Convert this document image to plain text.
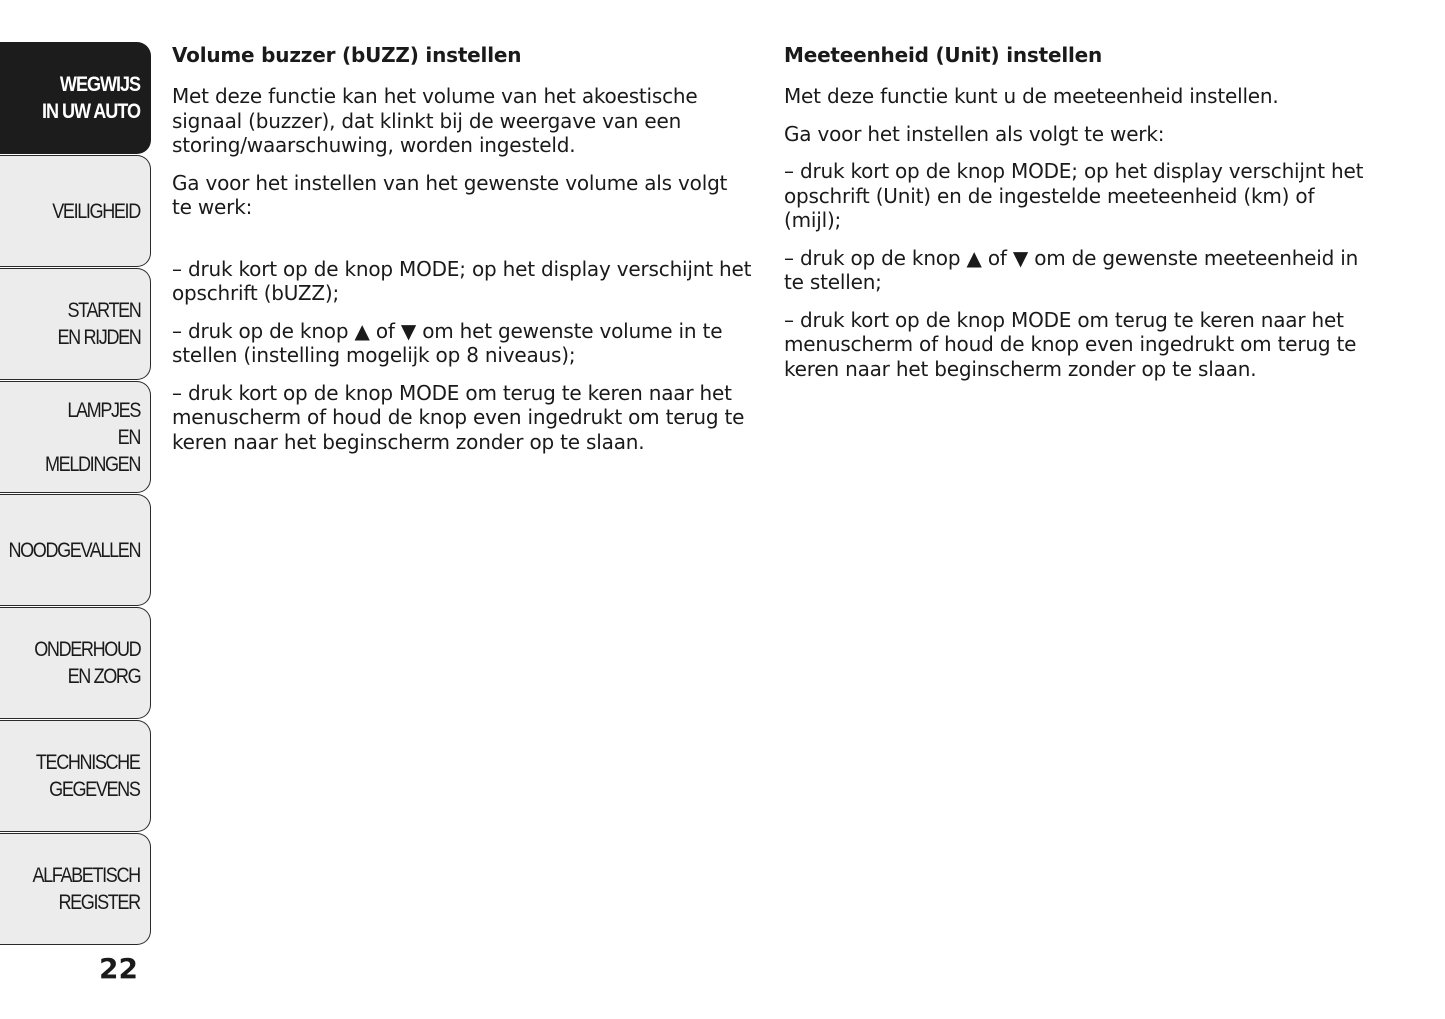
WEGWIJS
IN UW AUTO
VEILIGHEID
STARTEN
EN RIJDEN
LAMPJES
EN MELDINGEN
NOODGEVALLEN
ONDERHOUD
EN ZORG
TECHNISCHE
GEGEVENS
ALFABETISCH
REGISTER
22
Volume buzzer (bUZZ) instellen

Met deze functie kan het volume van het akoestische signaal (buzzer), dat klinkt bij de weergave van een storing/waarschuwing, worden ingesteld.

Ga voor het instellen van het gewenste volume als volgt te werk:

– druk kort op de knop MODE; op het display verschijnt het opschrift (bUZZ);

– druk op de knop ▲ of ▼ om het gewenste volume in te stellen (instelling mogelijk op 8 niveaus);

– druk kort op de knop MODE om terug te keren naar het menuscherm of houd de knop even ingedrukt om terug te keren naar het beginscherm zonder op te slaan.

Meeteenheid (Unit) instellen

Met deze functie kunt u de meeteenheid instellen.

Ga voor het instellen als volgt te werk:

– druk kort op de knop MODE; op het display verschijnt het opschrift (Unit) en de ingestelde meeteenheid (km) of (mijl);

– druk op de knop ▲ of ▼ om de gewenste meeteenheid in te stellen;

– druk kort op de knop MODE om terug te keren naar het menuscherm of houd de knop even ingedrukt om terug te keren naar het beginscherm zonder op te slaan.
